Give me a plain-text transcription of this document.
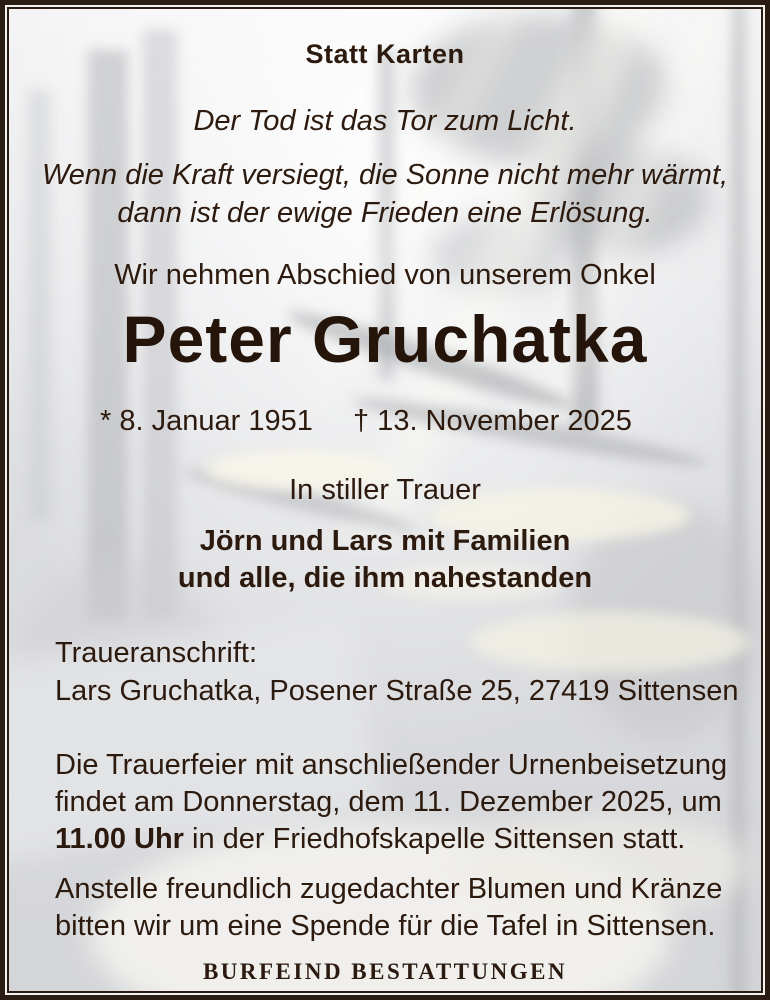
Statt Karten
Der Tod ist das Tor zum Licht.
Wenn die Kraft versiegt, die Sonne nicht mehr wärmt,
dann ist der ewige Frieden eine Erlösung.
Wir nehmen Abschied von unserem Onkel
Peter Gruchatka
* 8. Januar 1951 † 13. November 2025
In stiller Trauer
Jörn und Lars mit Familien
und alle, die ihm nahestanden
Traueranschrift:
Lars Gruchatka, Posener Straße 25, 27419 Sittensen
Die Trauerfeier mit anschließender Urnenbeisetzung
findet am Donnerstag, dem 11. Dezember 2025, um
11.00 Uhr in der Friedhofskapelle Sittensen statt.
Anstelle freundlich zugedachter Blumen und Kränze
bitten wir um eine Spende für die Tafel in Sittensen.
BURFEIND BESTATTUNGEN
